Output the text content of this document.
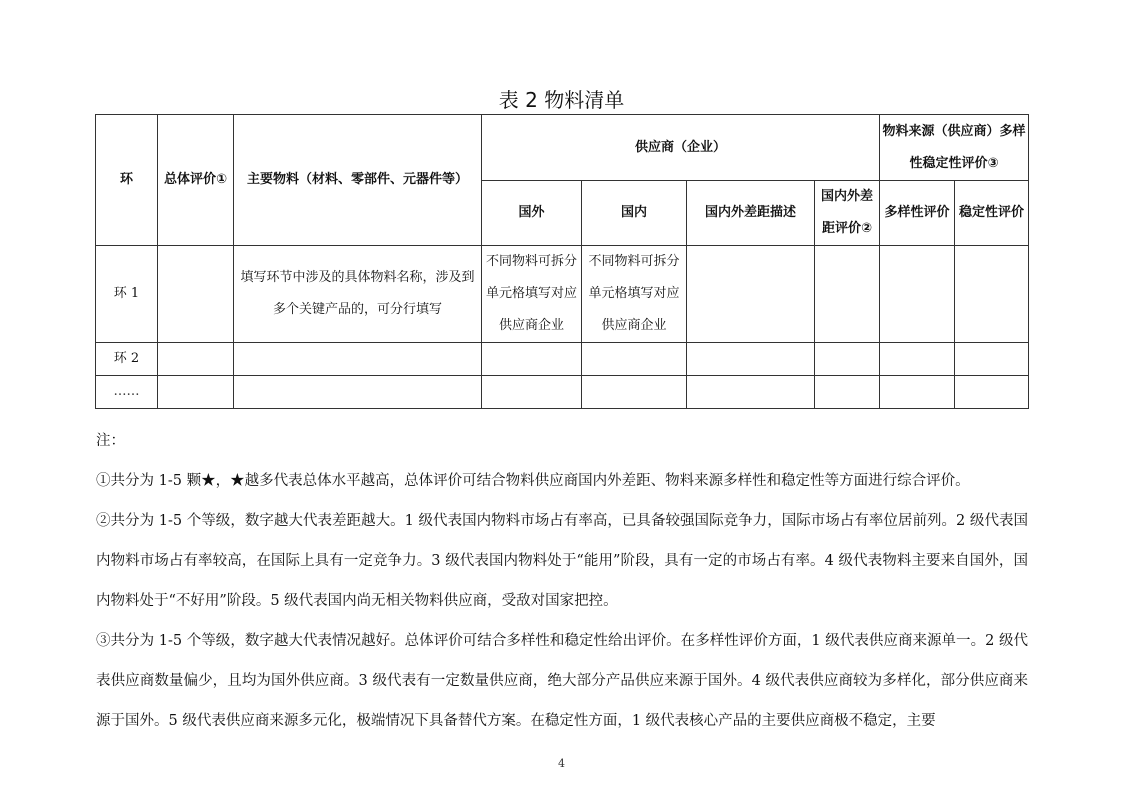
表 2 物料清单
环	总体评价①	主要物料（材料、零部件、元器件等）	供应商（企业）				物料来源（供应商）多样性稳定性评价③	
			国外	国内	国内外差距描述	国内外差距评价②	多样性评价	稳定性评价
环 1		填写环节中涉及的具体物料名称，涉及到多个关键产品的，可分行填写	不同物料可拆分单元格填写对应供应商企业	不同物料可拆分单元格填写对应供应商企业				
环 2								
……								

注：

①共分为 1-5 颗★，★越多代表总体水平越高，总体评价可结合物料供应商国内外差距、物料来源多样性和稳定性等方面进行综合评价。

②共分为 1-5 个等级，数字越大代表差距越大。1 级代表国内物料市场占有率高，已具备较强国际竞争力，国际市场占有率位居前列。2 级代表国内物料市场占有率较高，在国际上具有一定竞争力。3 级代表国内物料处于“能用”阶段，具有一定的市场占有率。4 级代表物料主要来自国外，国内物料处于“不好用”阶段。5 级代表国内尚无相关物料供应商，受敌对国家把控。

③共分为 1-5 个等级，数字越大代表情况越好。总体评价可结合多样性和稳定性给出评价。在多样性评价方面，1 级代表供应商来源单一。2 级代表供应商数量偏少，且均为国外供应商。3 级代表有一定数量供应商，绝大部分产品供应来源于国外。4 级代表供应商较为多样化，部分供应商来源于国外。5 级代表供应商来源多元化，极端情况下具备替代方案。在稳定性方面，1 级代表核心产品的主要供应商极不稳定，主要

4
